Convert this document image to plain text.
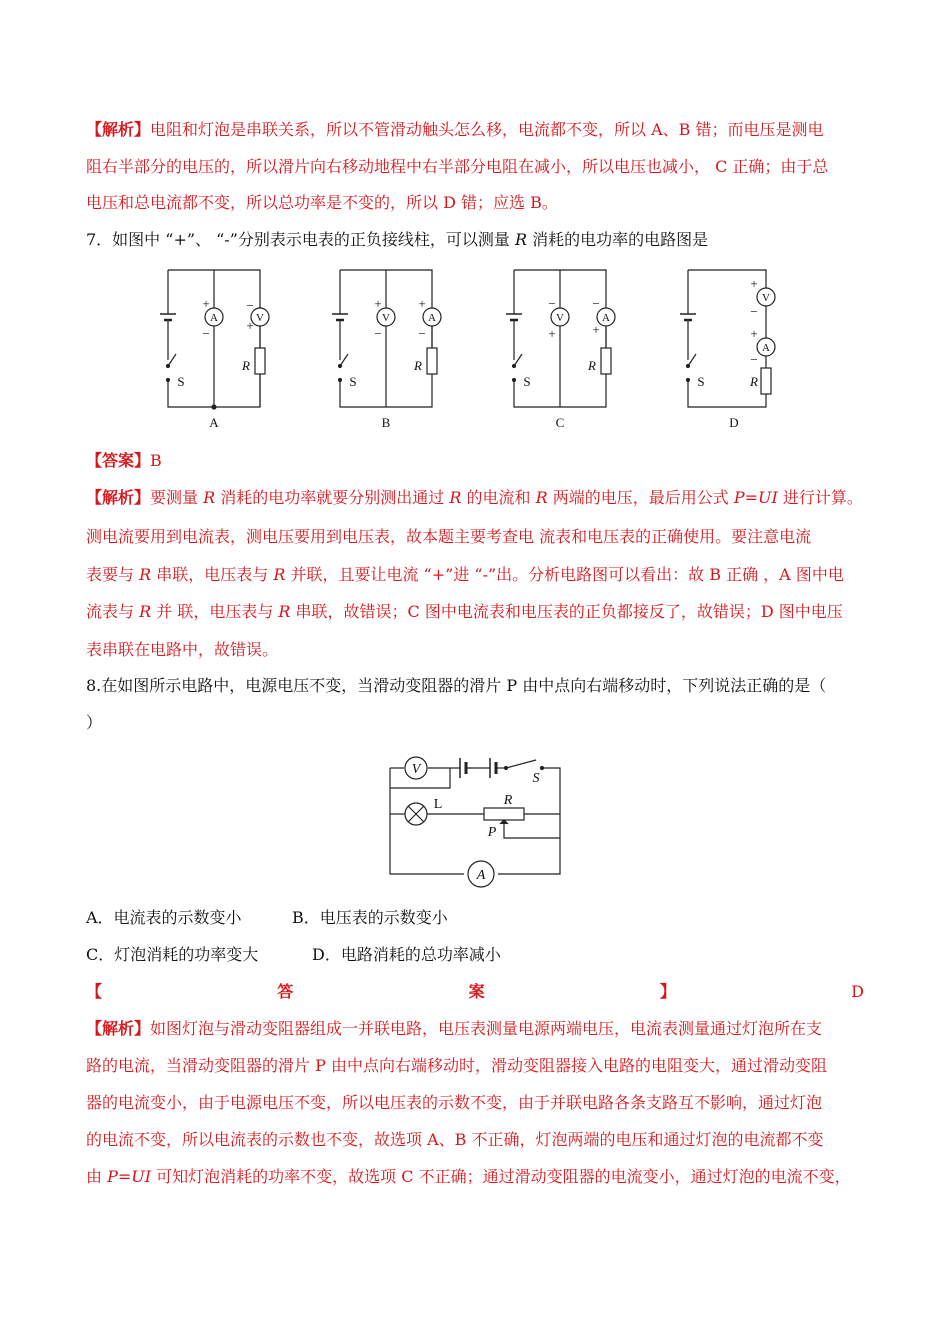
【解析】电阻和灯泡是串联关系，所以不管滑动触头怎么移，电流都不变，所以 A、B 错；而电压是测电
阻右半部分的电压的，所以滑片向右移动地程中右半部分电阻在减小，所以电压也减小， C 正确；由于总
电压和总电流都不变，所以总功率是不变的，所以 D 错；应选 B。
7．如图中 “+”、 “-”分别表示电表的正负接线柱，可以测量 R 消耗的电功率的电路图是
A	V
+
−
+
−
R
S
A
V	A
+
−
+
−
R
S
B
V	A
−
+
−
+
R
S
C
V
A
+
−
+
−
R
S
D
【答案】B
【解析】要测量 R 消耗的电功率就要分别测出通过 R 的电流和 R 两端的电压，最后用公式 P=UI 进行计算。
测电流要用到电流表，测电压要用到电压表，故本题主要考查电 流表和电压表的正确使用。要注意电流
表要与 R 串联，电压表与 R 并联，且要让电流 “+”进 “-”出。分析电路图可以看出：故 B 正确 ，A 图中电
流表与 R 并 联，电压表与 R 串联，故错误；C 图中电流表和电压表的正负都接反了，故错误；D 图中电压
表串联在电路中，故错误。
8.在如图所示电路中，电源电压不变，当滑动变阻器的滑片 P 由中点向右端移动时，下列说法正确的是（
）
V
A
L	R
P
S
A．电流表的示数变小	B．电压表的示数变小
C．灯泡消耗的功率变大	D．电路消耗的总功率减小
【	答	案	】	D
【解析】如图灯泡与滑动变阻器组成一并联电路，电压表测量电源两端电压，电流表测量通过灯泡所在支
路的电流，当滑动变阻器的滑片 P 由中点向右端移动时，滑动变阻器接入电路的电阻变大，通过滑动变阻
器的电流变小，由于电源电压不变，所以电压表的示数不变，由于并联电路各条支路互不影响，通过灯泡
的电流不变，所以电流表的示数也不变，故选项 A、B 不正确，灯泡两端的电压和通过灯泡的电流都不变
由 P=UI 可知灯泡消耗的功率不变，故选项 C 不正确；通过滑动变阻器的电流变小，通过灯泡的电流不变，
